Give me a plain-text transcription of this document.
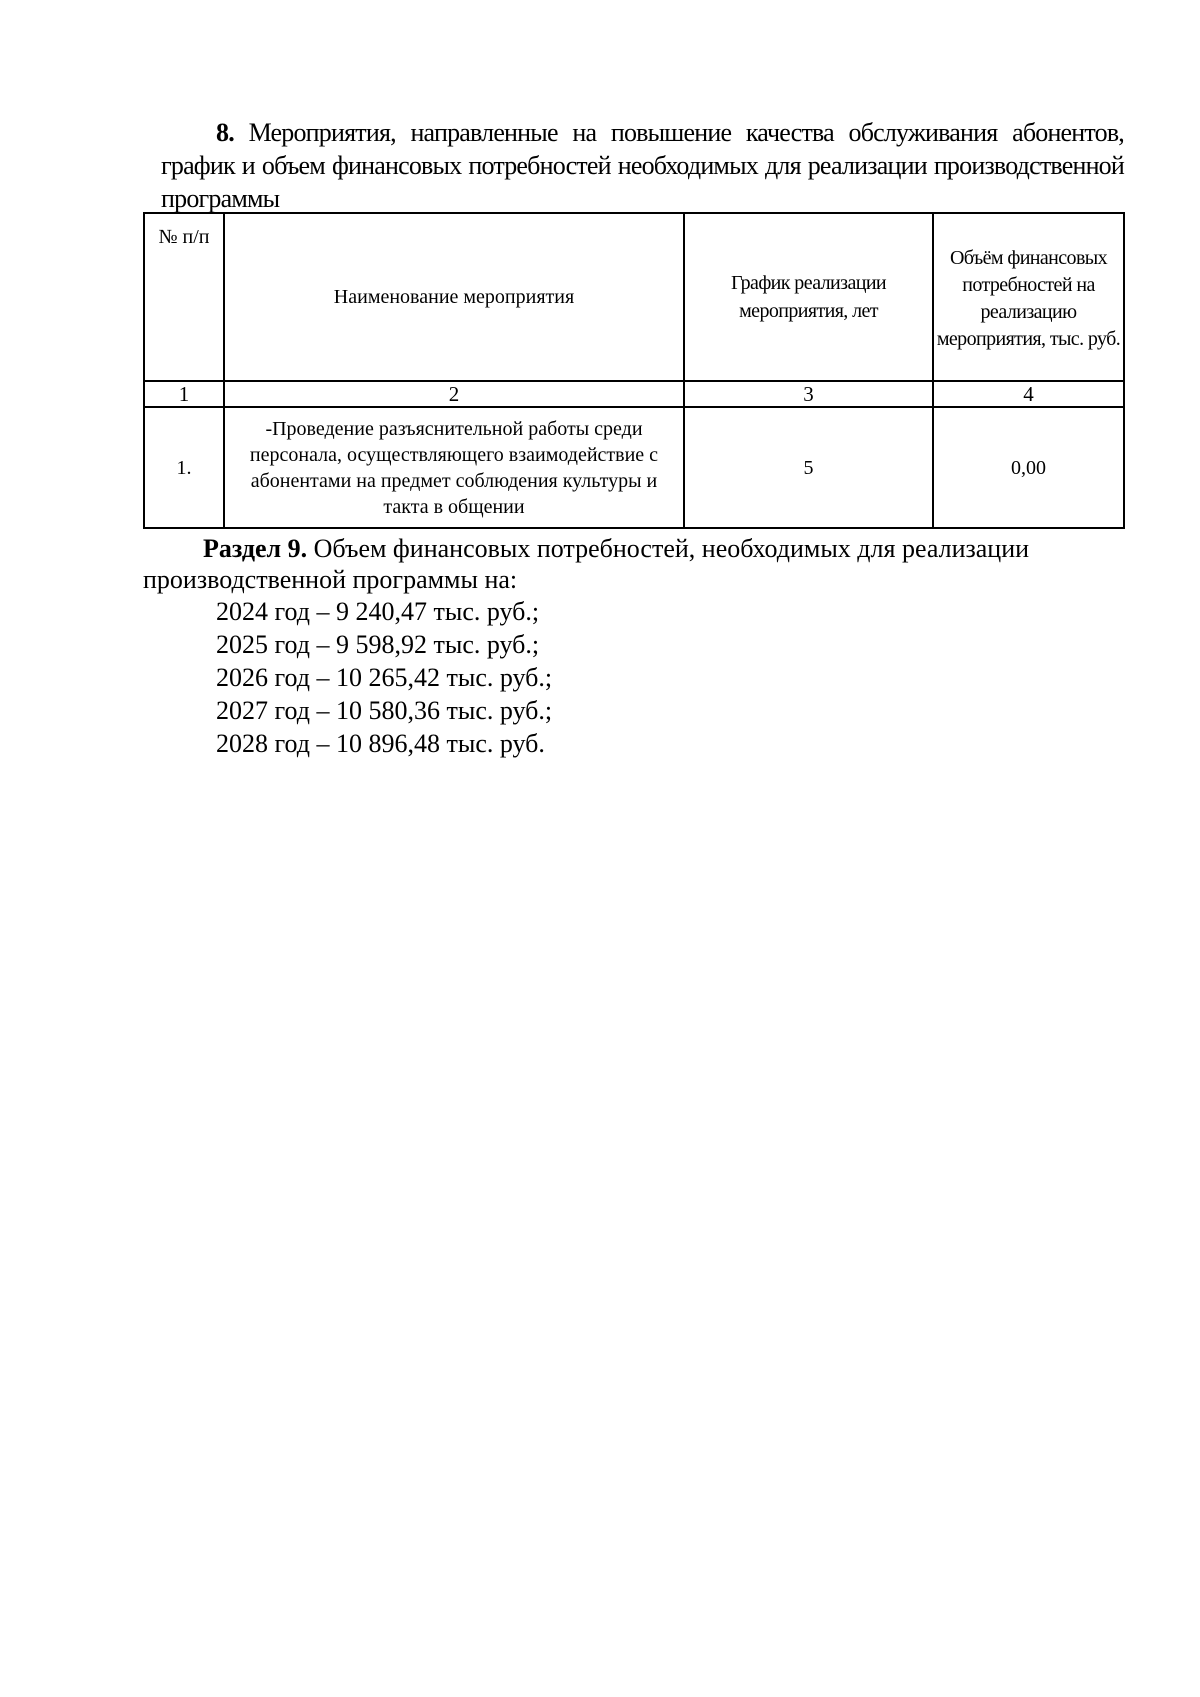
8. Мероприятия, направленные на повышение качества обслуживания абонентов, график и объем финансовых потребностей необходимых для реализации производственной программы
№ п/п	Наименование мероприятия	График реализации мероприятия, лет	Объём финансовых потребностей на реализацию мероприятия, тыс. руб.
1	2	3	4
1.	-Проведение разъяснительной работы среди персонала, осуществляющего взаимодействие с абонентами на предмет соблюдения культуры и такта в общении	5	0,00

Раздел 9. Объем финансовых потребностей, необходимых для реализации производственной программы на:

2024 год – 9 240,47 тыс. руб.;
2025 год – 9 598,92 тыс. руб.;
2026 год – 10 265,42 тыс. руб.;
2027 год – 10 580,36 тыс. руб.;
2028 год – 10 896,48 тыс. руб.
